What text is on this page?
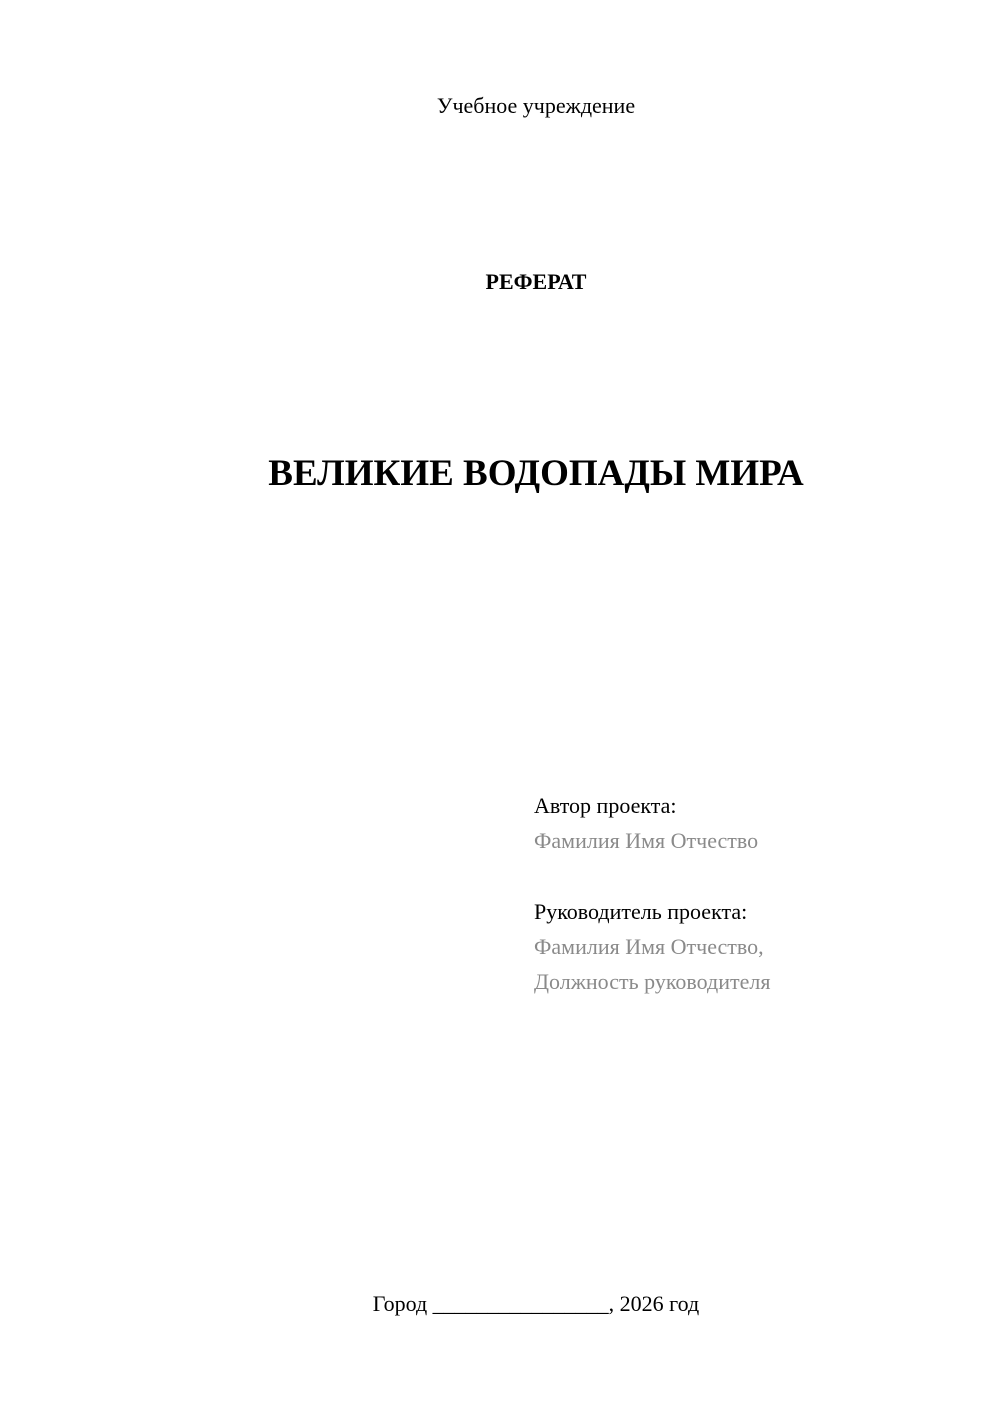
Учебное учреждение
РЕФЕРАТ
ВЕЛИКИЕ ВОДОПАДЫ МИРА
Автор проекта:
Фамилия Имя Отчество
Руководитель проекта:
Фамилия Имя Отчество,
Должность руководителя
Город ________________, 2026 год
